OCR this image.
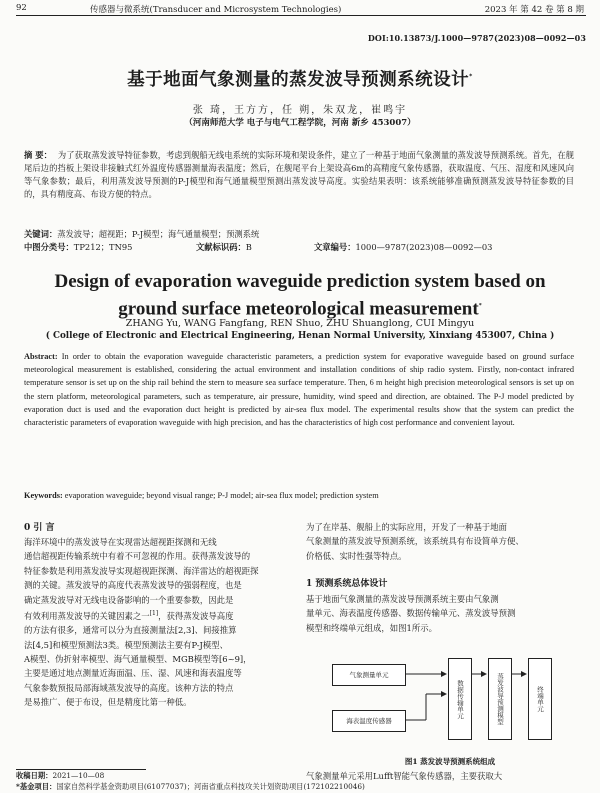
92	传感器与微系统(Transducer and Microsystem Technologies)	2023 年 第 42 卷 第 8 期
DOI:10.13873/J.1000—9787(2023)08—0092—03
基于地面气象测量的蒸发波导预测系统设计*
张 琦，王方方，任 朔，朱双龙，崔鸣宇
（河南师范大学 电子与电气工程学院，河南 新乡 453007）
摘 要： 为了获取蒸发波导特征参数，考虑到舰船无线电系统的实际环境和架设条件，建立了一种基于地面气象测量的蒸发波导预测系统。首先，在舰尾后边的挡板上架设非接触式红外温度传感器测量海表温度；然后，在舰尾平台上架设高6m的高精度气象传感器，获取温度、气压、湿度和风速风向等气象参数；最后，利用蒸发波导预测的P-J模型和海气通量模型预测出蒸发波导高度。实验结果表明：该系统能够准确预测蒸发波导特征参数的目的，具有精度高、布设方便的特点。
关键词：蒸发波导；超视距；P-J模型；海气通量模型；预测系统
中图分类号：TP212；TN95	文献标识码：B	文章编号：1000—9787(2023)08—0092—03
Design of evaporation waveguide prediction system based on
ground surface meteorological measurement*
ZHANG Yu, WANG Fangfang, REN Shuo, ZHU Shuanglong, CUI Mingyu
( College of Electronic and Electrical Engineering, Henan Normal University, Xinxiang 453007, China )
Abstract: In order to obtain the evaporation waveguide characteristic parameters, a prediction system for evaporative waveguide based on ground surface meteorological measurement is established, considering the actual environment and installation conditions of ship radio system. Firstly, non-contact infrared temperature sensor is set up on the ship rail behind the stern to measure sea surface temperature. Then, 6 m height high precision meteorological sensors is set up on the stern platform, meteorological parameters, such as temperature, air pressure, humidity, wind speed and direction, are obtained. The P-J model predicted by evaporation duct is used and the evaporation duct height is predicted by air-sea flux model. The experimental results show that the system can predict the characteristic parameters of evaporation waveguide with high precision, and has the characteristics of high cost performance and convenient layout.
Keywords: evaporation waveguide; beyond visual range; P-J model; air-sea flux model; prediction system
0 引 言
海洋环境中的蒸发波导在实现雷达超视距探测和无线
通信超视距传输系统中有着不可忽视的作用。获得蒸发波导的
特征参数是利用蒸发波导实现超视距探测、海洋雷达的超视距探
测的关键。蒸发波导的高度代表蒸发波导的强弱程度，也是
确定蒸发波导对无线电设备影响的一个重要参数，因此是
有效利用蒸发波导的关键因素之一[1]，获得蒸发波导高度
的方法有很多，通常可以分为直接测量法[2,3]、间接推算
法[4,5]和模型预测法3类。模型预测法主要有P-J模型、
A模型、伪折射率模型、海气通量模型、MGB模型等[6~9]，
主要是通过地点测量近海面温、压、湿、风速和海表温度等
气象参数预报局部海域蒸发波导的高度。该种方法的特点
是易推广、便于布设，但是精度比第一种低。
为了在岸基、舰船上的实际应用，开发了一种基于地面
气象测量的蒸发波导预测系统，该系统具有布设简单方便、
价格低、实时性强等特点。
1 预测系统总体设计
基于地面气象测量的蒸发波导预测系统主要由气象测
量单元、海表温度传感器、数据传输单元、蒸发波导预测
模型和终端单元组成，如图1所示。
气象测量单元
海表温度传感器
数据传输单元	蒸发波导预测模型	终端单元
图1 蒸发波导预测系统组成
气象测量单元采用Lufft智能气象传感器，主要获取大
收稿日期：2021—10—08
*基金项目：国家自然科学基金资助项目(61077037)；河南省重点科技攻关计划资助项目(172102210046)
